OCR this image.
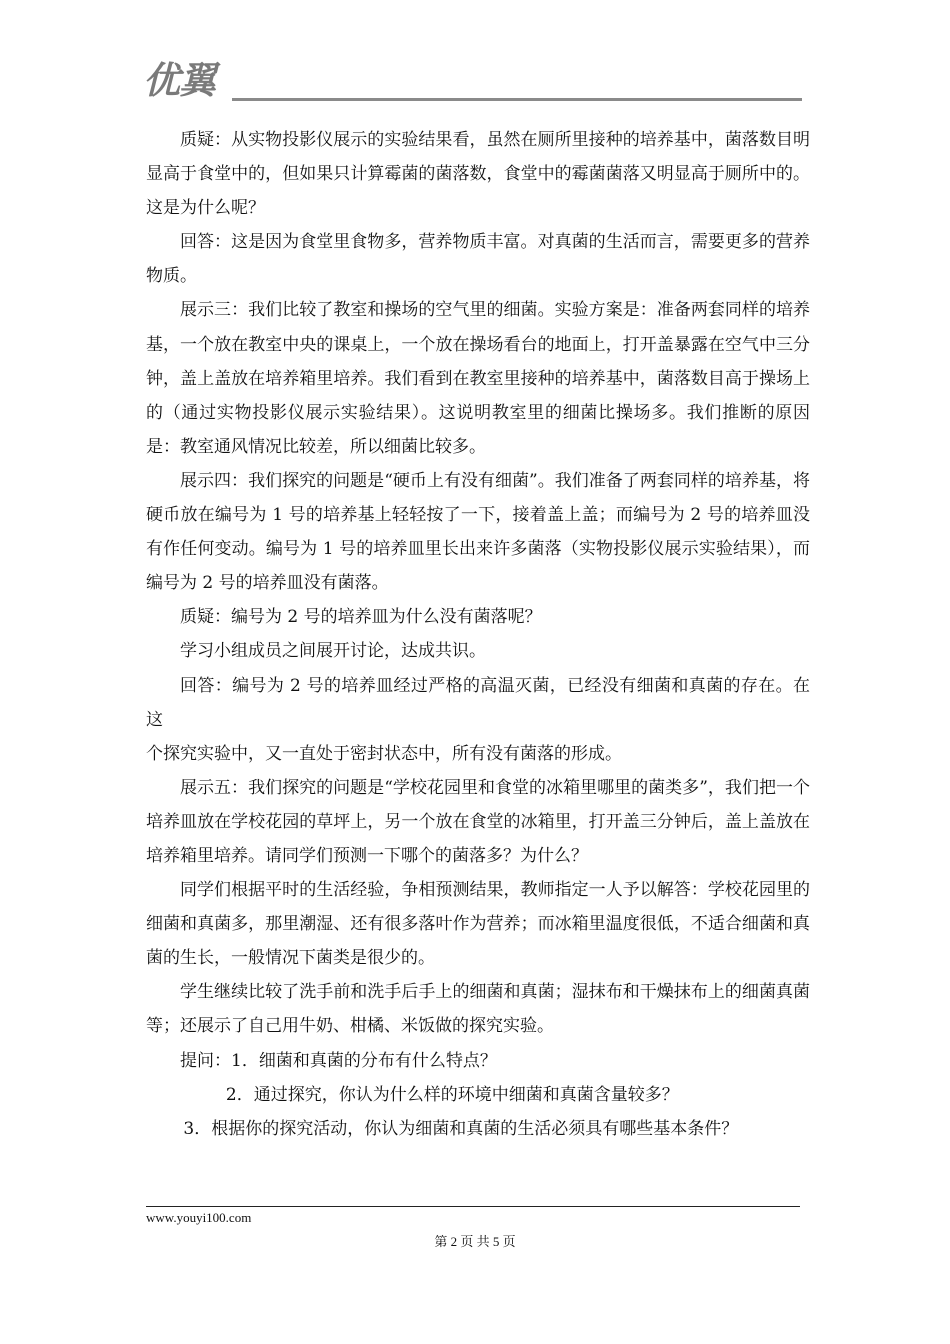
优翼

质疑：从实物投影仪展示的实验结果看，虽然在厕所里接种的培养基中，菌落数目明显高于食堂中的，但如果只计算霉菌的菌落数，食堂中的霉菌菌落又明显高于厕所中的。这是为什么呢？

回答：这是因为食堂里食物多，营养物质丰富。对真菌的生活而言，需要更多的营养物质。

展示三：我们比较了教室和操场的空气里的细菌。实验方案是：准备两套同样的培养基，一个放在教室中央的课桌上，一个放在操场看台的地面上，打开盖暴露在空气中三分钟，盖上盖放在培养箱里培养。我们看到在教室里接种的培养基中，菌落数目高于操场上的（通过实物投影仪展示实验结果）。这说明教室里的细菌比操场多。我们推断的原因是：教室通风情况比较差，所以细菌比较多。

展示四：我们探究的问题是“硬币上有没有细菌”。我们准备了两套同样的培养基，将硬币放在编号为 1 号的培养基上轻轻按了一下，接着盖上盖；而编号为 2 号的培养皿没有作任何变动。编号为 1 号的培养皿里长出来许多菌落（实物投影仪展示实验结果），而编号为 2 号的培养皿没有菌落。

质疑：编号为 2 号的培养皿为什么没有菌落呢？

学习小组成员之间展开讨论，达成共识。

回答：编号为 2 号的培养皿经过严格的高温灭菌，已经没有细菌和真菌的存在。在这

个探究实验中，又一直处于密封状态中，所有没有菌落的形成。

展示五：我们探究的问题是“学校花园里和食堂的冰箱里哪里的菌类多”，我们把一个培养皿放在学校花园的草坪上，另一个放在食堂的冰箱里，打开盖三分钟后，盖上盖放在培养箱里培养。请同学们预测一下哪个的菌落多？为什么？

同学们根据平时的生活经验，争相预测结果，教师指定一人予以解答：学校花园里的细菌和真菌多，那里潮湿、还有很多落叶作为营养；而冰箱里温度很低，不适合细菌和真菌的生长，一般情况下菌类是很少的。

学生继续比较了洗手前和洗手后手上的细菌和真菌；湿抹布和干燥抹布上的细菌真菌等；还展示了自己用牛奶、柑橘、米饭做的探究实验。

提问：1．细菌和真菌的分布有什么特点？

2．通过探究，你认为什么样的环境中细菌和真菌含量较多？

3．根据你的探究活动，你认为细菌和真菌的生活必须具有哪些基本条件？

www.youyi100.com
第 2 页 共 5 页
